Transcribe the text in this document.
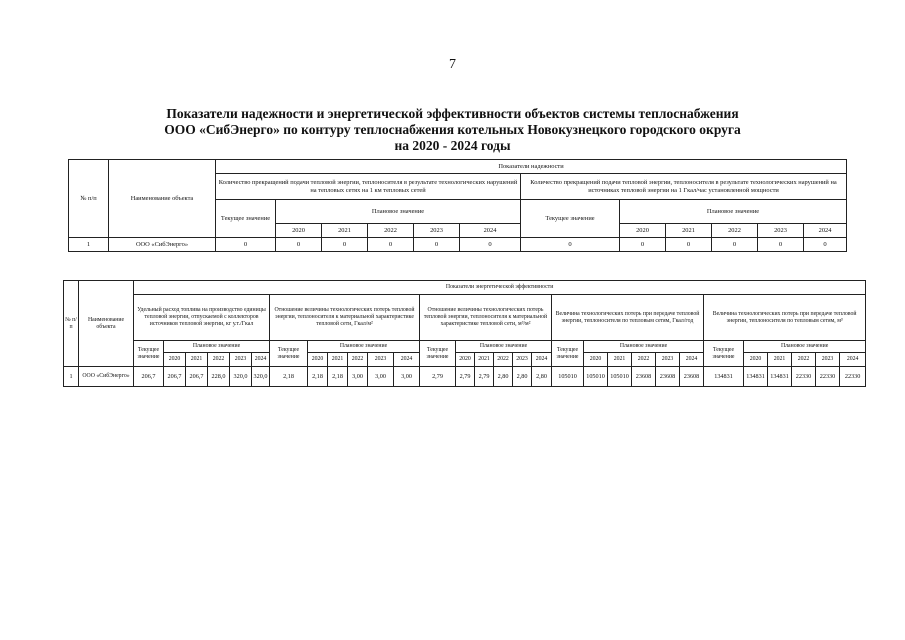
7
Показатели надежности и энергетической эффективности объектов системы теплоснабжения
ООО «СибЭнерго» по контуру теплоснабжения котельных Новокузнецкого городского округа
на 2020 - 2024 годы
№ п/п	Наименование объекта	Показатели надежности											
		Количество прекращений подачи тепловой энергии, теплоносителя в результате технологических нарушений на тепловых сетях на 1 км тепловых сетей						Количество прекращений подачи тепловой энергии, теплоносителя в результате технологических нарушений на источниках тепловой энергии на 1 Гкал/час установленной мощности					
		Текущее значение	Плановое значение					Текущее значение	Плановое значение				
			2020	2021	2022	2023	2024		2020	2021	2022	2023	2024
1	ООО «СибЭнерго»	0	0	0	0	0	0	0	0	0	0	0	0
№ п/п	Наименование объекта	Показатели энергетической эффективности																													
		Удельный расход топлива на производство единицы тепловой энергии, отпускаемой с коллекторов источников тепловой энергии, кг у.т./Гкал						Отношение величины технологических потерь тепловой энергии, теплоносителя к материальной характеристике тепловой сети, Гкал/м²						Отношение величины технологических потерь тепловой энергии, теплоносителя к материальной характеристике тепловой сети, м³/м²						Величина технологических потерь при передаче тепловой энергии, теплоносителя по тепловым сетям, Гкал/год						Величина технологических потерь при передаче тепловой энергии, теплоносителя по тепловым сетям, м³					
		Текущее значение	Плановое значение					Текущее значение	Плановое значение					Текущее значение	Плановое значение					Текущее значение	Плановое значение					Текущее значение	Плановое значение				
			2020	2021	2022	2023	2024		2020	2021	2022	2023	2024		2020	2021	2022	2023	2024		2020	2021	2022	2023	2024		2020	2021	2022	2023	2024
1	ООО «СибЭнерго»	206,7	206,7	206,7	228,0	320,0	320,0	2,18	2,18	2,18	3,00	3,00	3,00	2,79	2,79	2,79	2,80	2,80	2,80	105010	105010	105010	23608	23608	23608	134831	134831	134831	22330	22330	22330
